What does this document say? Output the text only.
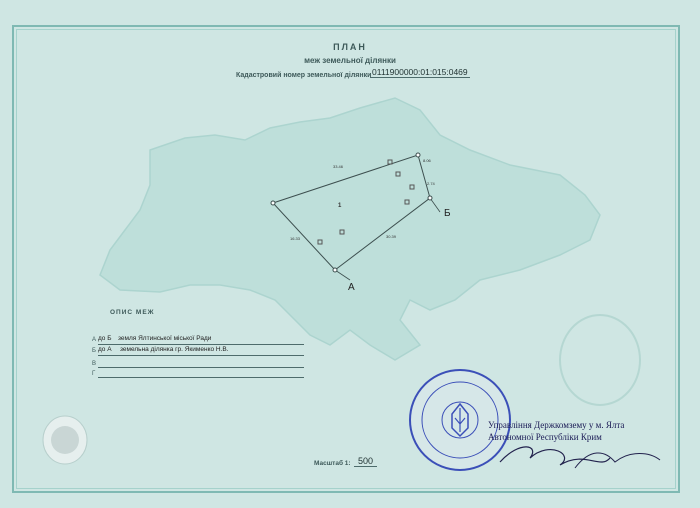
ПЛАН
меж земельної ділянки
Кадастровий номер земельної ділянки 0111900000:01:015:0469
33.46
8.06
2.74
16.33	30.39
1
Б
А
ОПИС МЕЖ
А до Б земля Ялтинської міської Ради
Б до А земельна ділянка гр. Якименко Н.В.
В
Г
Масштаб 1: 500
Управління Держкомзему у м. Ялта
Автономної Республіки Крим
